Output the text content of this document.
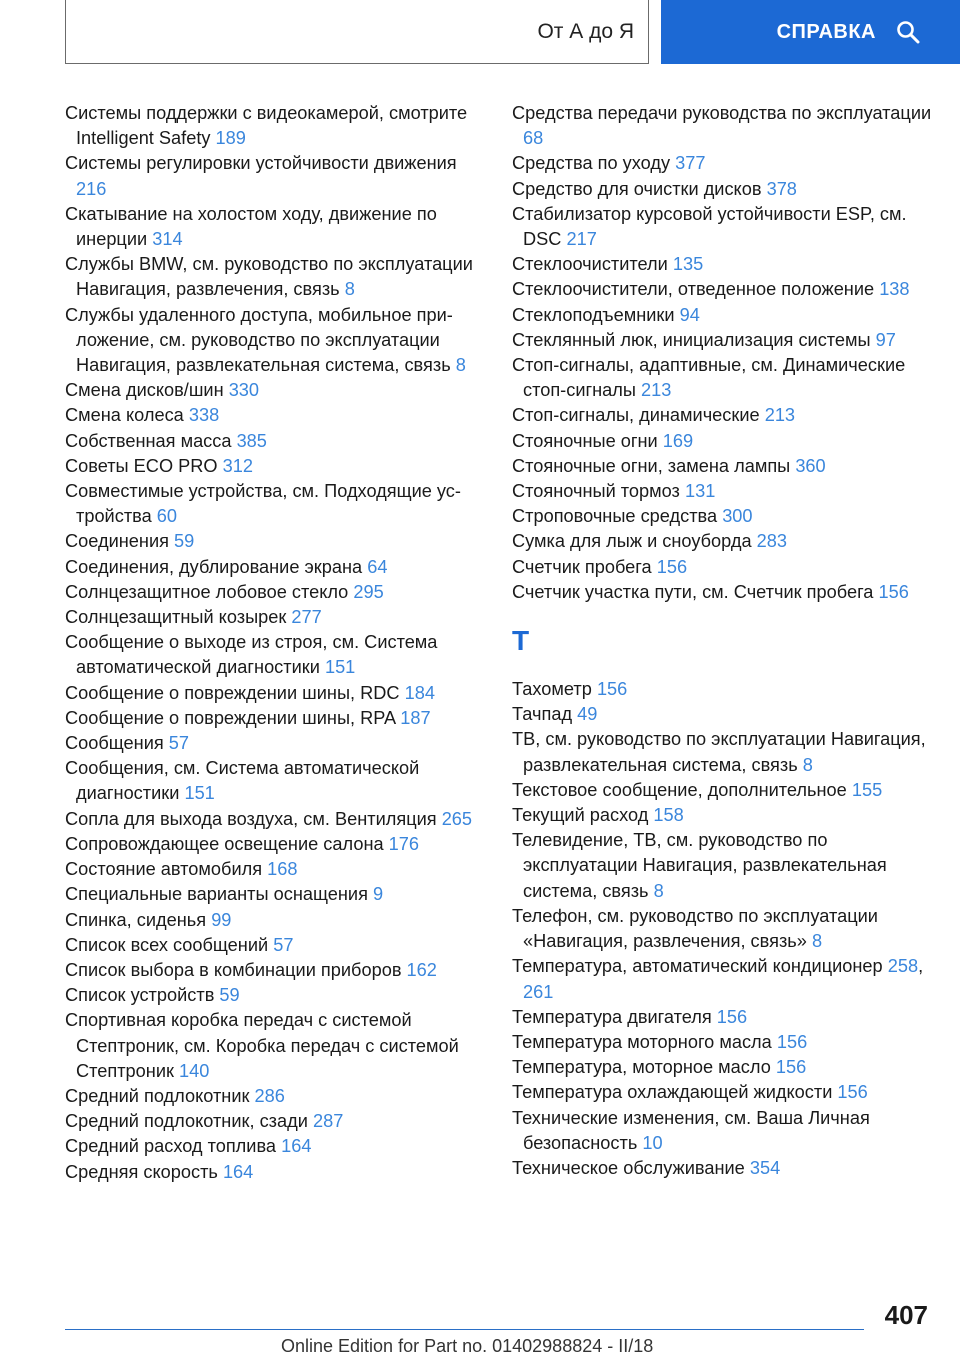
От А до Я	СПРАВКА
Системы поддержки с видеокамерой, смотрите Intelligent Safety 189
Системы регулировки устойчивости движения 216
Скатывание на холостом ходу, движение по инерции 314
Службы BMW, см. руководство по эксплуатации Навигация, развлечения, связь 8
Службы удаленного доступа, мобильное приложение, см. руководство по эксплуатации Навигация, развлекательная система, связь 8
Смена дисков/шин 330
Смена колеса 338
Собственная масса 385
Советы ECO PRO 312
Совместимые устройства, см. Подходящие устройства 60
Соединения 59
Соединения, дублирование экрана 64
Солнцезащитное лобовое стекло 295
Солнцезащитный козырек 277
Сообщение о выходе из строя, см. Система автоматической диагностики 151
Сообщение о повреждении шины, RDC 184
Сообщение о повреждении шины, RPA 187
Сообщения 57
Сообщения, см. Система автоматической диагностики 151
Сопла для выхода воздуха, см. Вентиляция 265
Сопровождающее освещение салона 176
Состояние автомобиля 168
Специальные варианты оснащения 9
Спинка, сиденья 99
Список всех сообщений 57
Список выбора в комбинации приборов 162
Список устройств 59
Спортивная коробка передач с системой Стептроник, см. Коробка передач с системой Стептроник 140
Средний подлокотник 286
Средний подлокотник, сзади 287
Средний расход топлива 164
Средняя скорость 164
Средства передачи руководства по эксплуатации 68
Средства по уходу 377
Средство для очистки дисков 378
Стабилизатор курсовой устойчивости ESP, см. DSC 217
Стеклоочистители 135
Стеклоочистители, отведенное положение 138
Стеклоподъемники 94
Стеклянный люк, инициализация системы 97
Стоп-сигналы, адаптивные, см. Динамические стоп-сигналы 213
Стоп-сигналы, динамические 213
Стояночные огни 169
Стояночные огни, замена лампы 360
Стояночный тормоз 131
Строповочные средства 300
Сумка для лыж и сноуборда 283
Счетчик пробега 156
Счетчик участка пути, см. Счетчик пробега 156
Т
Тахометр 156
Тачпад 49
ТВ, см. руководство по эксплуатации Навигация, развлекательная система, связь 8
Текстовое сообщение, дополнительное 155
Текущий расход 158
Телевидение, ТВ, см. руководство по эксплуатации Навигация, развлекательная система, связь 8
Телефон, см. руководство по эксплуатации «Навигация, развлечения, связь» 8
Температура, автоматический кондиционер 258, 261
Температура двигателя 156
Температура моторного масла 156
Температура, моторное масло 156
Температура охлаждающей жидкости 156
Технические изменения, см. Ваша Личная безопасность 10
Техническое обслуживание 354
407
Online Edition for Part no. 01402988824 - II/18
